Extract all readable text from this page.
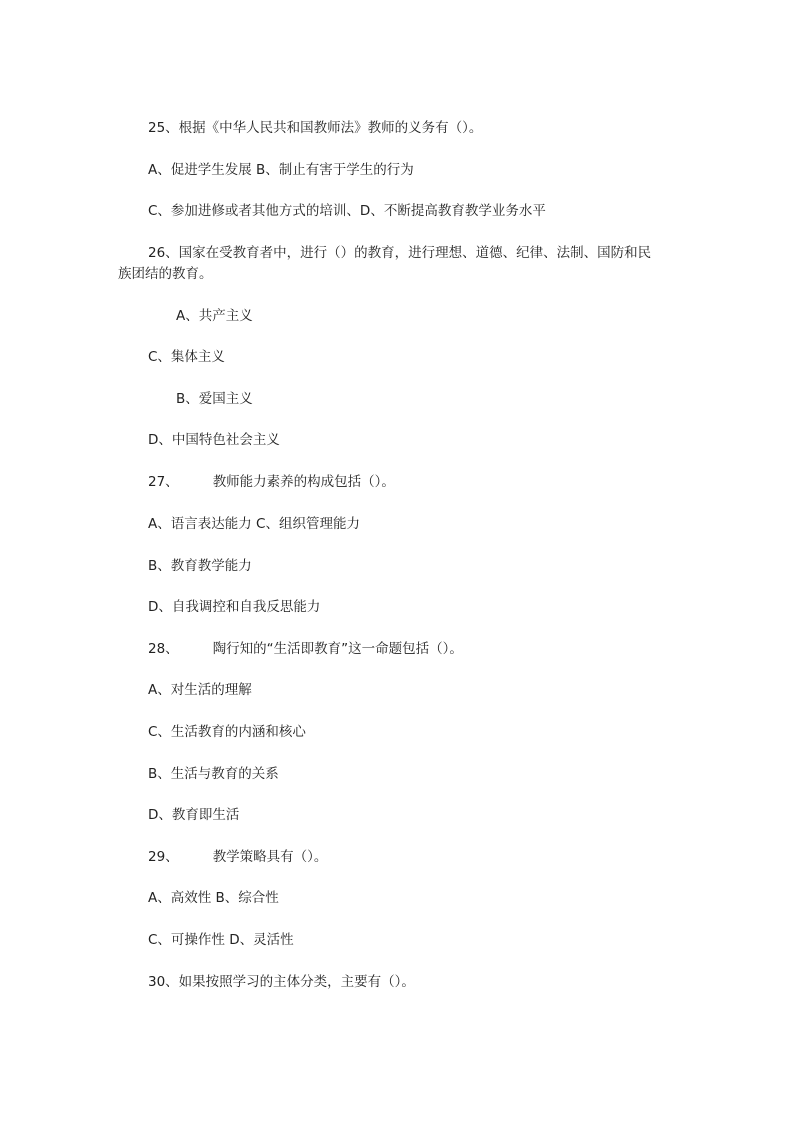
25、根据《中华人民共和国教师法》教师的义务有（）。
A、促进学生发展 B、制止有害于学生的行为
C、参加进修或者其他方式的培训、D、不断提高教育教学业务水平
26、国家在受教育者中，进行（）的教育，进行理想、道德、纪律、法制、国防和民
族团结的教育。
A、共产主义
C、集体主义
B、爱国主义
D、中国特色社会主义
27、	教师能力素养的构成包括（）。
A、语言表达能力 C、组织管理能力
B、教育教学能力
D、自我调控和自我反思能力
28、	陶行知的“生活即教育”这一命题包括（）。
A、对生活的理解
C、生活教育的内涵和核心
B、生活与教育的关系
D、教育即生活
29、	教学策略具有（）。
A、高效性 B、综合性
C、可操作性 D、灵活性
30、如果按照学习的主体分类，主要有（）。
